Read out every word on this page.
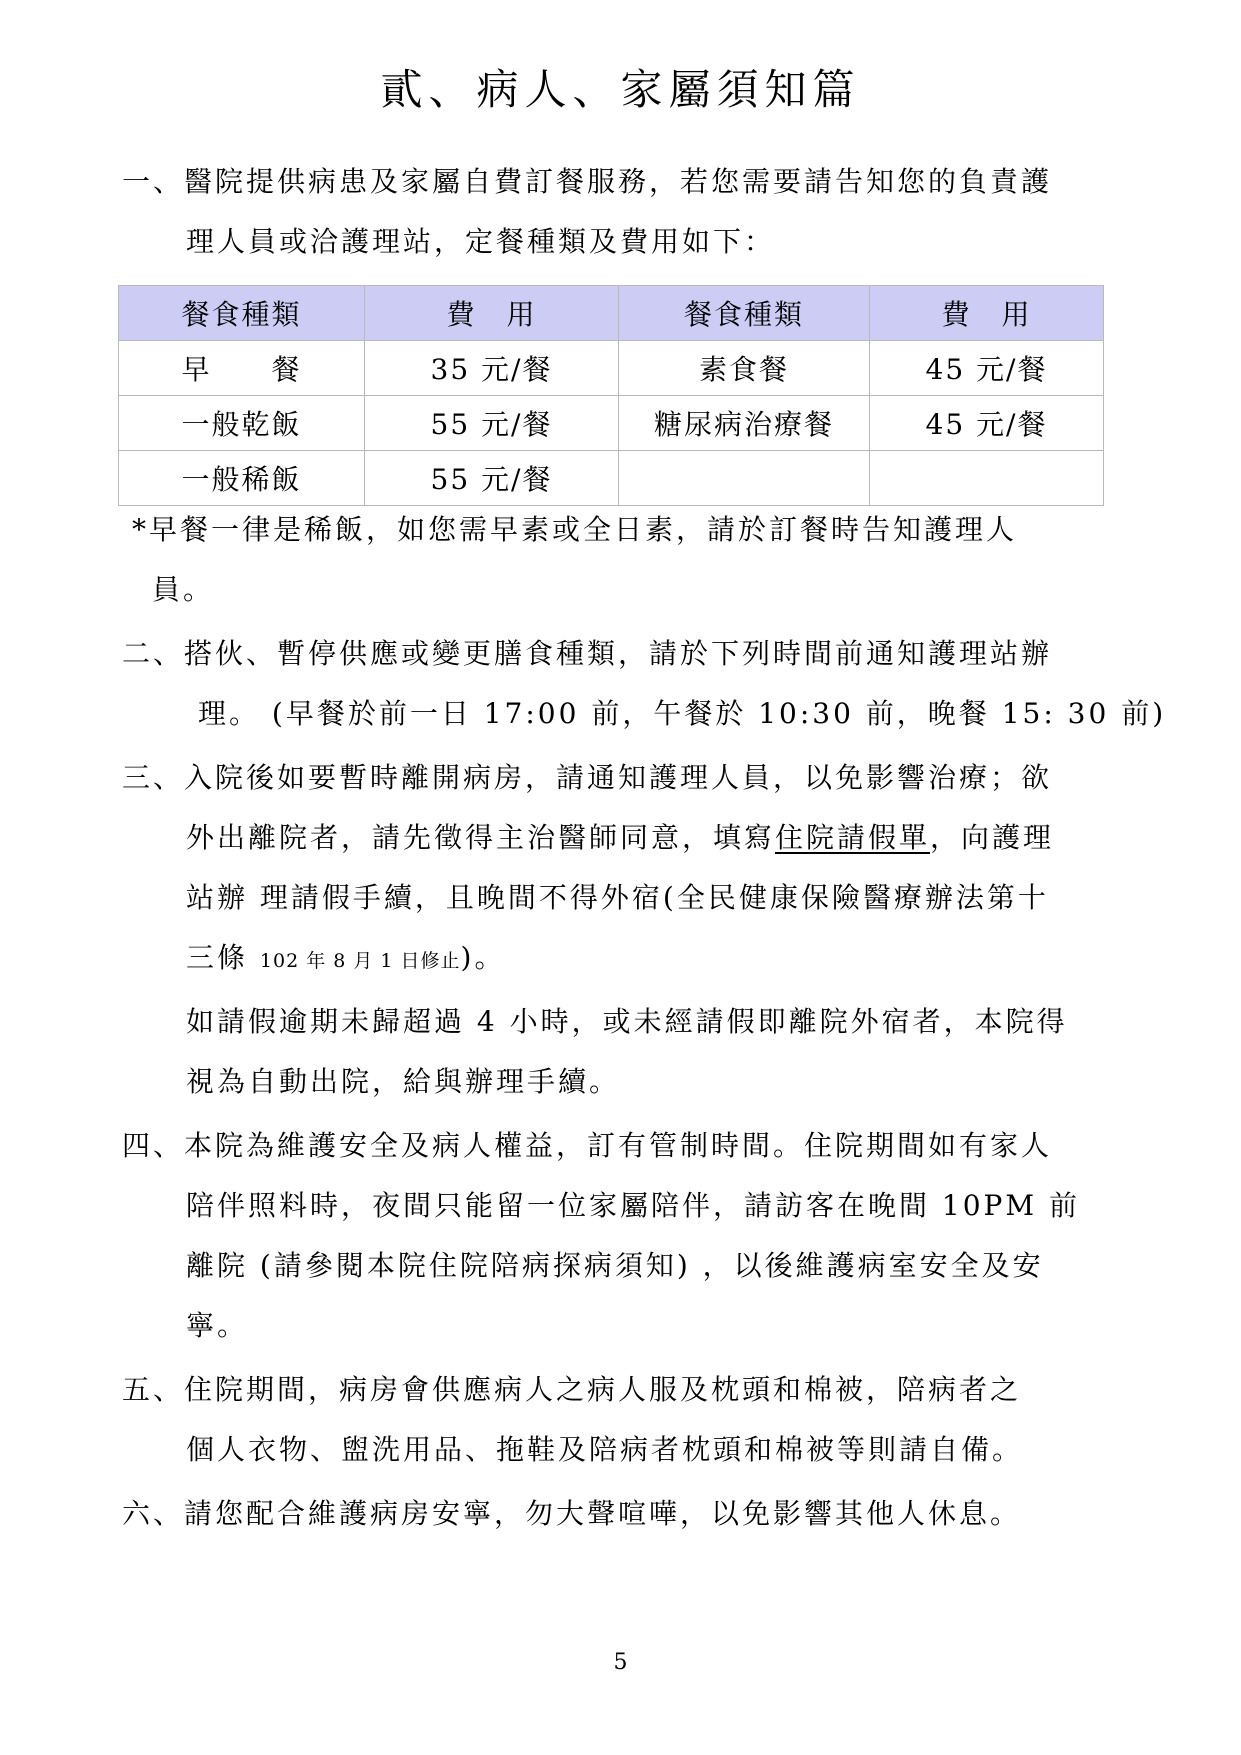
貳、病人、家屬須知篇
一、醫院提供病患及家屬自費訂餐服務，若您需要請告知您的負責護
理人員或洽護理站，定餐種類及費用如下：
餐食種類	費　用	餐食種類	費　用
早　　餐	35 元/餐	素食餐	45 元/餐
一般乾飯	55 元/餐	糖尿病治療餐	45 元/餐
一般稀飯	55 元/餐		
*早餐一律是稀飯，如您需早素或全日素，請於訂餐時告知護理人
員。
二、搭伙、暫停供應或變更膳食種類，請於下列時間前通知護理站辦
理。 (早餐於前一日 17:00 前，午餐於 10:30 前，晚餐 15: 30 前)
三、入院後如要暫時離開病房，請通知護理人員，以免影響治療；欲
外出離院者，請先徵得主治醫師同意，填寫住院請假單，向護理
站辦 理請假手續，且晚間不得外宿(全民健康保險醫療辦法第十
三條 102 年 8 月 1 日修止)。
如請假逾期未歸超過 4 小時，或未經請假即離院外宿者，本院得
視為自動出院，給與辦理手續。
四、本院為維護安全及病人權益，訂有管制時間。住院期間如有家人
陪伴照料時，夜間只能留一位家屬陪伴，請訪客在晚間 10PM 前
離院 (請參閱本院住院陪病探病須知) ，以後維護病室安全及安
寧。
五、住院期間，病房會供應病人之病人服及枕頭和棉被，陪病者之
個人衣物、盥洗用品、拖鞋及陪病者枕頭和棉被等則請自備。
六、請您配合維護病房安寧，勿大聲喧嘩，以免影響其他人休息。
5
